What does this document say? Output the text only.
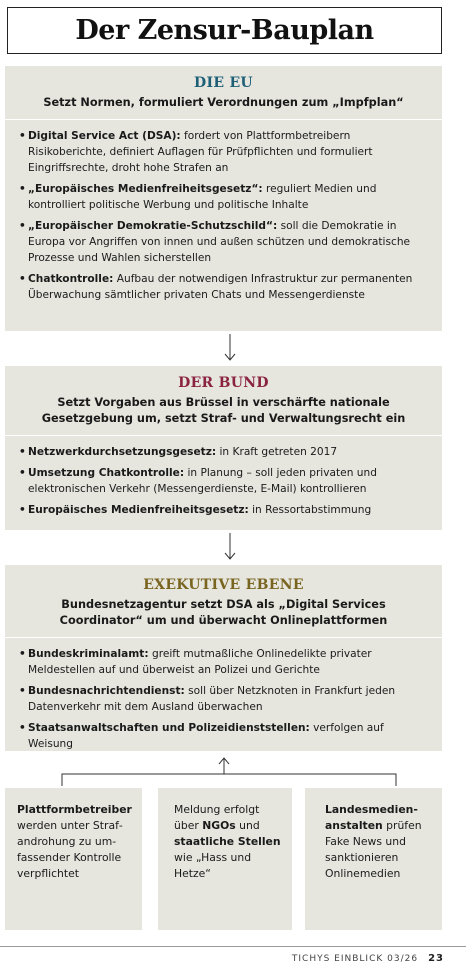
Der Zensur-Bauplan
DIE EU
Setzt Normen, formuliert Verordnungen zum „Impfplan“
• Digital Service Act (DSA): fordert von Plattformbetreibern Risikoberichte, definiert Auflagen für Prüfpflichten und formuliert Eingriffsrechte, droht hohe Strafen an
• „Europäisches Medienfreiheitsgesetz“: reguliert Medien und kontrolliert politische Werbung und politische Inhalte
• „Europäischer Demokratie-Schutzschild“: soll die Demokratie in Europa vor Angriffen von innen und außen schützen und demokratische Prozesse und Wahlen sicherstellen
• Chatkontrolle: Aufbau der notwendigen Infrastruktur zur permanenten Überwachung sämtlicher privaten Chats und Messengerdienste
DER BUND
Setzt Vorgaben aus Brüssel in verschärfte nationale Gesetzgebung um, setzt Straf- und Verwaltungsrecht ein
• Netzwerkdurchsetzungsgesetz: in Kraft getreten 2017
• Umsetzung Chatkontrolle: in Planung – soll jeden privaten und elektronischen Verkehr (Messengerdienste, E-Mail) kontrollieren
• Europäisches Medienfreiheitsgesetz: in Ressortabstimmung
EXEKUTIVE EBENE
Bundesnetzagentur setzt DSA als „Digital Services Coordinator“ um und überwacht Onlineplattformen
• Bundeskriminalamt: greift mutmaßliche Onlinedelikte privater Meldestellen auf und überweist an Polizei und Gerichte
• Bundesnachrichtendienst: soll über Netzknoten in Frankfurt jeden Datenverkehr mit dem Ausland überwachen
• Staatsanwaltschaften und Polizeidienststellen: verfolgen auf Weisung
Plattformbetreiber werden unter Strafandrohung zu umfassender Kontrolle verpflichtet
Meldung erfolgt über NGOs und staatliche Stellen wie „Hass und Hetze“
Landesmedienanstalten prüfen Fake News und sanktionieren Onlinemedien
TICHYS EINBLICK 03/26 23
